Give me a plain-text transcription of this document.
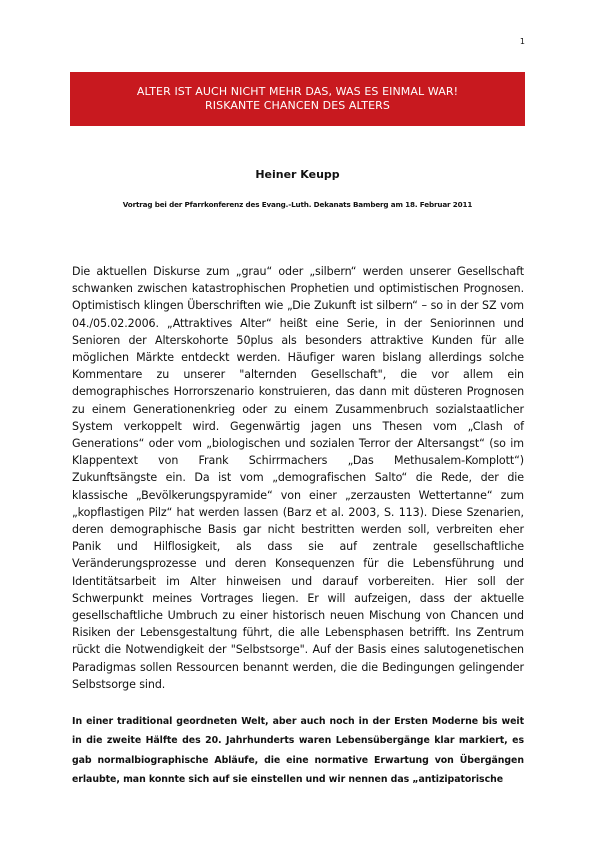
1
ALTER IST AUCH NICHT MEHR DAS, WAS ES EINMAL WAR!
RISKANTE CHANCEN DES ALTERS
Heiner Keupp
Vortrag bei der Pfarrkonferenz des Evang.-Luth. Dekanats Bamberg am 18. Februar 2011

Die aktuellen Diskurse zum „grau“ oder „silbern“ werden unserer Gesellschaft schwanken zwischen katastrophischen Prophetien und optimistischen Prognosen. Optimistisch klingen Überschriften wie „Die Zukunft ist silbern“ – so in der SZ vom 04./05.02.2006. „Attraktives Alter“ heißt eine Serie, in der Seniorinnen und Senioren der Alterskohorte 50plus als besonders attraktive Kunden für alle möglichen Märkte entdeckt werden. Häufiger waren bislang allerdings solche Kommentare zu unserer "alternden Gesellschaft", die vor allem ein demographisches Horrorszenario konstruieren, das dann mit düsteren Prognosen zu einem Generationenkrieg oder zu einem Zusammenbruch sozialstaatlicher System verkoppelt wird. Gegenwärtig jagen uns Thesen vom „Clash of Generations“ oder vom „biologischen und sozialen Terror der Altersangst“ (so im Klappentext von Frank Schirrmachers „Das Methusalem-Komplott“) Zukunftsängste ein. Da ist vom „demografischen Salto“ die Rede, der die klassische „Bevölkerungspyramide“ von einer „zerzausten Wettertanne“ zum „kopflastigen Pilz“ hat werden lassen (Barz et al. 2003, S. 113). Diese Szenarien, deren demographische Basis gar nicht bestritten werden soll, verbreiten eher Panik und Hilflosigkeit, als dass sie auf zentrale gesellschaftliche Veränderungsprozesse und deren Konsequenzen für die Lebensführung und Identitätsarbeit im Alter hinweisen und darauf vorbereiten. Hier soll der Schwerpunkt meines Vortrages liegen. Er will aufzeigen, dass der aktuelle gesellschaftliche Umbruch zu einer historisch neuen Mischung von Chancen und Risiken der Lebensgestaltung führt, die alle Lebensphasen betrifft. Ins Zentrum rückt die Notwendigkeit der "Selbstsorge". Auf der Basis eines salutogenetischen Paradigmas sollen Ressourcen benannt werden, die die Bedingungen gelingender Selbstsorge sind.

In einer traditional geordneten Welt, aber auch noch in der Ersten Moderne bis weit in die zweite Hälfte des 20. Jahrhunderts waren Lebensübergänge klar markiert, es gab normalbiographische Abläufe, die eine normative Erwartung von Übergängen erlaubte, man konnte sich auf sie einstellen und wir nennen das „antizipatorische
